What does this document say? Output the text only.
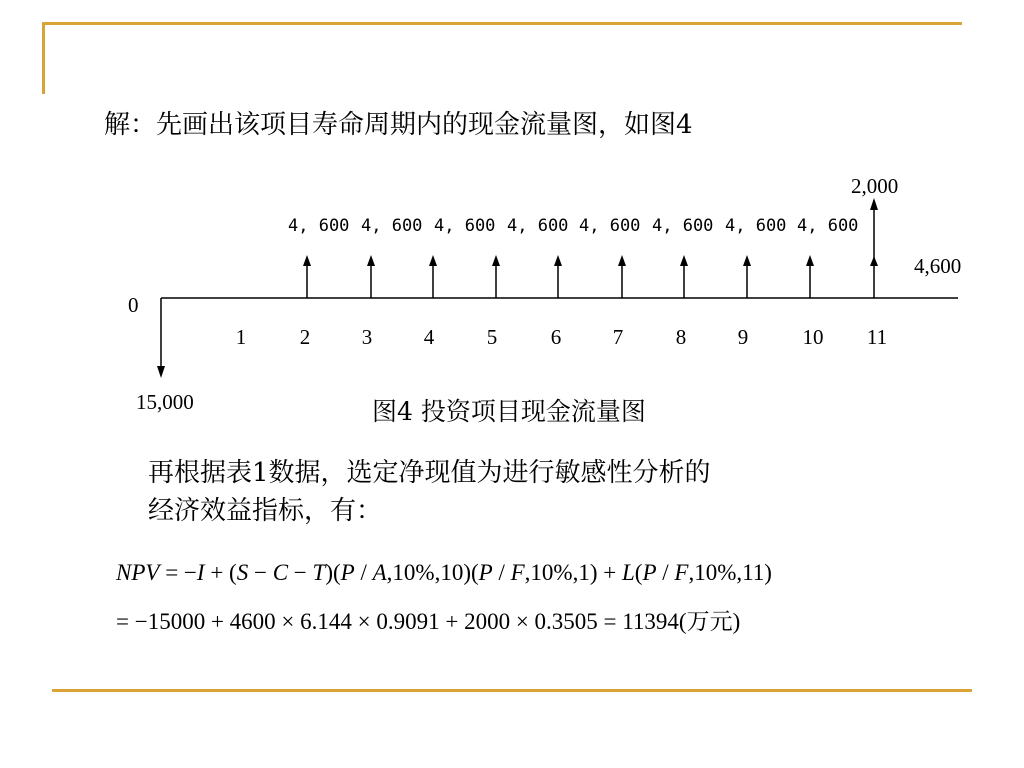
解：先画出该项目寿命周期内的现金流量图，如图4
0
15,000
2,000
4,600
4, 600 4, 600 4, 600 4, 600 4, 600 4, 600 4, 600 4, 600
1	2	3	4	5	6	7	8	9	10 11
图4 投资项目现金流量图
再根据表1数据，选定净现值为进行敏感性分析的
经济效益指标，有：
NPV = −I + (S − C − T)(P / A,10%,10)(P / F,10%,1) + L(P / F,10%,11)
= −15000 + 4600 × 6.144 × 0.9091 + 2000 × 0.3505 = 11394(万元)
